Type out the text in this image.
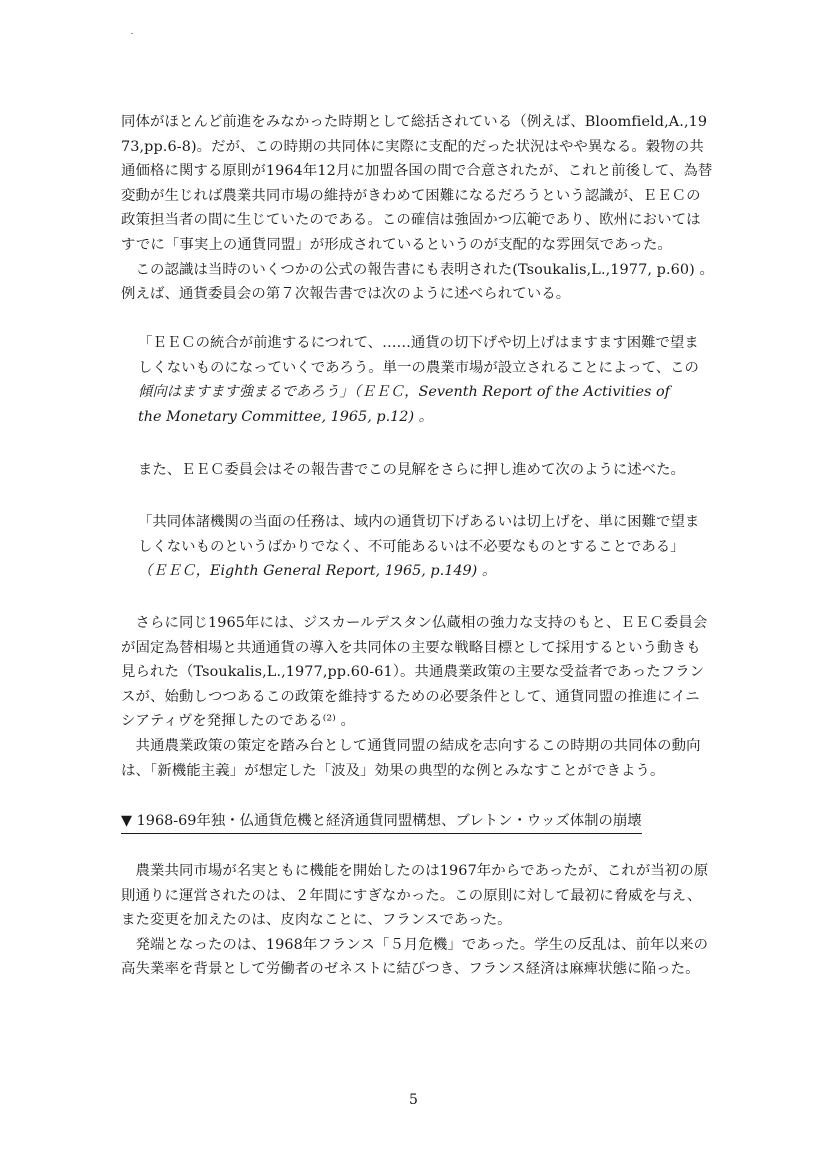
同体がほとんど前進をみなかった時期として総括されている（例えば、Bloomfield,A.,19
73,pp.6-8)。だが、この時期の共同体に実際に支配的だった状況はやや異なる。穀物の共
通価格に関する原則が1964年12月に加盟各国の間で合意されたが、これと前後して、為替
変動が生じれば農業共同市場の維持がきわめて困難になるだろうという認識が、ＥＥＣの
政策担当者の間に生じていたのである。この確信は強固かつ広範であり、欧州においては
すでに「事実上の通貨同盟」が形成されているというのが支配的な雰囲気であった。
　この認識は当時のいくつかの公式の報告書にも表明された(Tsoukalis,L.,1977, p.60) 。
例えば、通貨委員会の第７次報告書では次のように述べられている。
「ＥＥＣの統合が前進するにつれて、……通貨の切下げや切上げはますます困難で望ま
しくないものになっていくであろう。単一の農業市場が設立されることによって、この
傾向はますます強まるであろう」（ＥＥＣ，Seventh Report of the Activities of
the Monetary Committee, 1965, p.12) 。
また、ＥＥＣ委員会はその報告書でこの見解をさらに押し進めて次のように述べた。
「共同体諸機関の当面の任務は、域内の通貨切下げあるいは切上げを、単に困難で望ま
しくないものというばかりでなく、不可能あるいは不必要なものとすることである」
（ＥＥＣ，Eighth General Report, 1965, p.149) 。
　さらに同じ1965年には、ジスカールデスタン仏蔵相の強力な支持のもと、ＥＥＣ委員会
が固定為替相場と共通通貨の導入を共同体の主要な戦略目標として採用するという動きも
見られた（Tsoukalis,L.,1977,pp.60-61）。共通農業政策の主要な受益者であったフラン
スが、始動しつつあるこの政策を維持するための必要条件として、通貨同盟の推進にイニ
シアティヴを発揮したのである⁽²⁾ 。
　共通農業政策の策定を踏み台として通貨同盟の結成を志向するこの時期の共同体の動向
は、「新機能主義」が想定した「波及」効果の典型的な例とみなすことができよう。
▼ 1968-69年独・仏通貨危機と経済通貨同盟構想、ブレトン・ウッズ体制の崩壊
　農業共同市場が名実ともに機能を開始したのは1967年からであったが、これが当初の原
則通りに運営されたのは、２年間にすぎなかった。この原則に対して最初に脅威を与え、
また変更を加えたのは、皮肉なことに、フランスであった。
　発端となったのは、1968年フランス「５月危機」であった。学生の反乱は、前年以来の
高失業率を背景として労働者のゼネストに結びつき、フランス経済は麻痺状態に陥った。
5
